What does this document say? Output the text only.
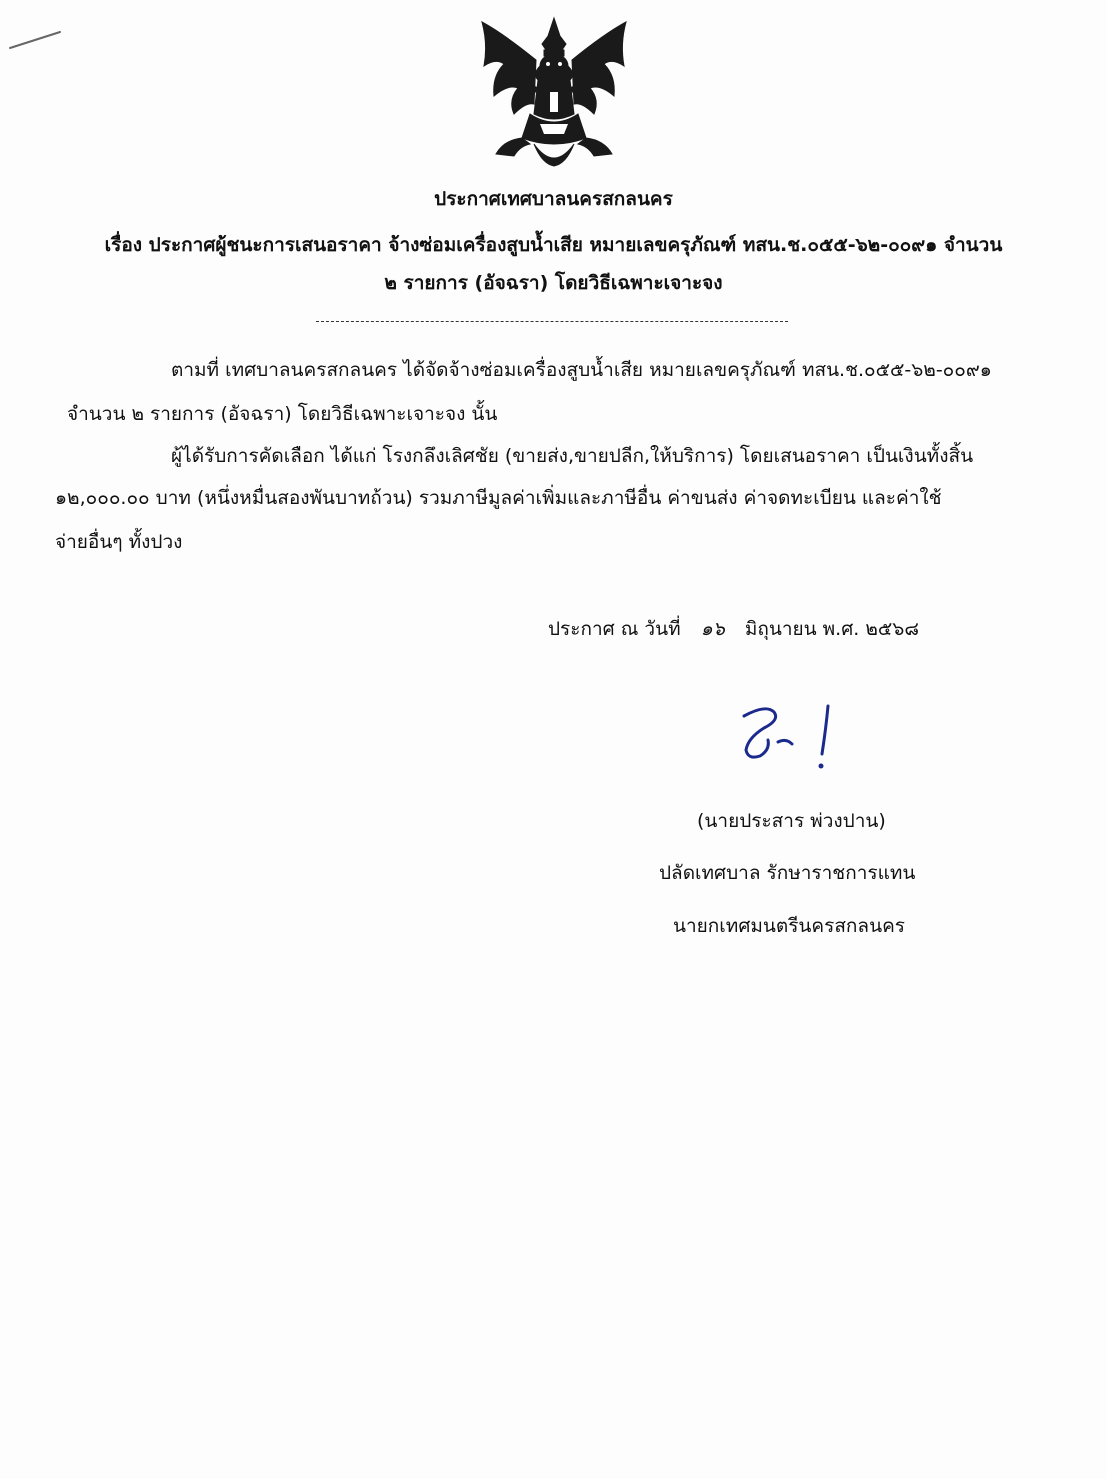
ประกาศเทศบาลนครสกลนคร
เรื่อง ประกาศผู้ชนะการเสนอราคา จ้างซ่อมเครื่องสูบน้ำเสีย หมายเลขครุภัณฑ์ ทสน.ช.๐๕๕-๖๒-๐๐๙๑ จำนวน
๒ รายการ (อัจฉรา) โดยวิธีเฉพาะเจาะจง
ตามที่ เทศบาลนครสกลนคร ได้จัดจ้างซ่อมเครื่องสูบน้ำเสีย หมายเลขครุภัณฑ์ ทสน.ช.๐๕๕-๖๒-๐๐๙๑
จำนวน ๒ รายการ (อัจฉรา) โดยวิธีเฉพาะเจาะจง นั้น
ผู้ได้รับการคัดเลือก ได้แก่ โรงกลึงเลิศชัย (ขายส่ง,ขายปลีก,ให้บริการ) โดยเสนอราคา เป็นเงินทั้งสิ้น
๑๒,๐๐๐.๐๐ บาท (หนึ่งหมื่นสองพันบาทถ้วน) รวมภาษีมูลค่าเพิ่มและภาษีอื่น ค่าขนส่ง ค่าจดทะเบียน และค่าใช้
จ่ายอื่นๆ ทั้งปวง
ประกาศ ณ วันที่ ๑๖ มิถุนายน พ.ศ. ๒๕๖๘
(นายประสาร พ่วงปาน)
ปลัดเทศบาล รักษาราชการแทน
นายกเทศมนตรีนครสกลนคร
